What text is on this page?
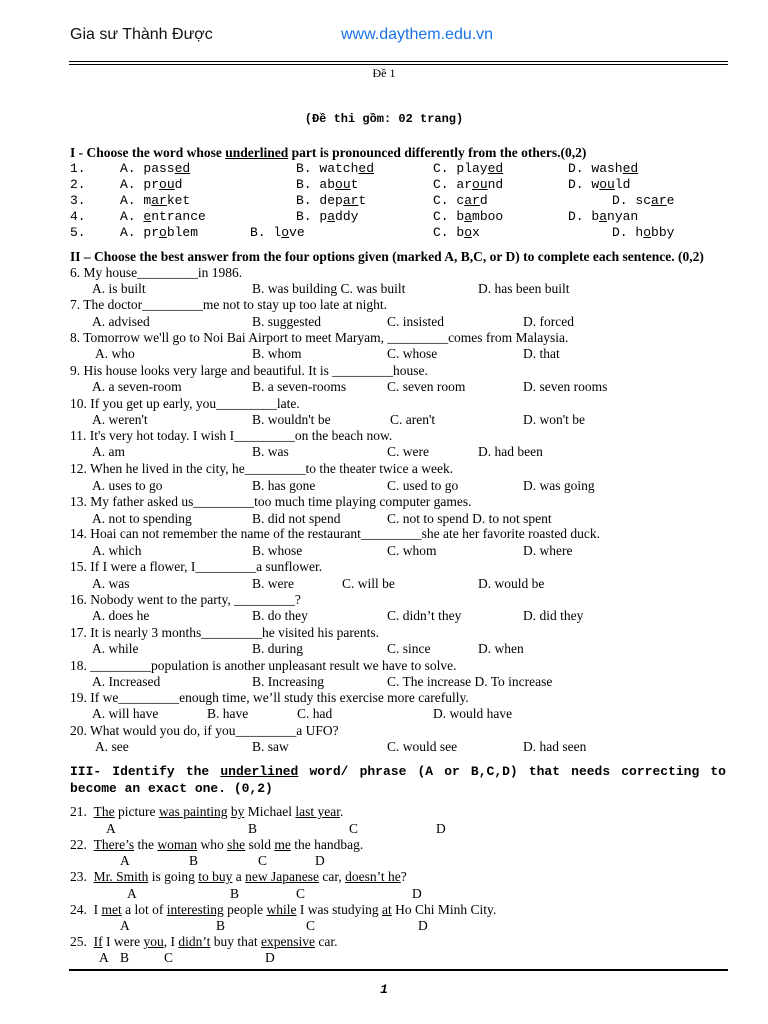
Gia sư Thành Được	www.daythem.edu.vn
Đề 1
(Đề thi gồm: 02 trang)
I - Choose the word whose underlined part is pronounced differently from the others.(0,2)
1.	A. passed	B. watched	C. played	D. washed
2.	A. proud	B. about	C. around	D. would
3.	A. market	B. depart	C. card	D. scare
4.	A. entrance	B. paddy	C. bamboo	D. banyan
5.	A. problem	B. love	C. box	D. hobby
II – Choose the best answer from the four options given (marked A, B,C, or D) to complete each sentence. (0,2)
6. My house_________in 1986.
A. is built	B. was building C. was built	D. has been built
7. The doctor_________me not to stay up too late at night.
A. advised	B. suggested	C. insisted	D. forced
8. Tomorrow we'll go to Noi Bai Airport to meet Maryam, _________comes from Malaysia.
A. who	B. whom	C. whose	D. that
9. His house looks very large and beautiful. It is _________house.
A. a seven-room	B. a seven-rooms	C. seven room	D. seven rooms
10. If you get up early, you_________late.
A. weren't	B. wouldn't be	C. aren't	D. won't be
11. It's very hot today. I wish I_________on the beach now.
A. am	B. was	C. were	D. had been
12. When he lived in the city, he_________to the theater twice a week.
A. uses to go	B. has gone	C. used to go	D. was going
13. My father asked us_________too much time playing computer games.
A. not to spending	B. did not spend	C. not to spend D. to not spent
14. Hoai can not remember the name of the restaurant_________she ate her favorite roasted duck.
A. which	B. whose	C. whom	D. where
15. If I were a flower, I_________a sunflower.
A. was	B. were	C. will be	D. would be
16. Nobody went to the party, _________?
A. does he	B. do they	C. didn’t they	D. did they
17. It is nearly 3 months_________he visited his parents.
A. while	B. during	C. since	D. when
18. _________population is another unpleasant result we have to solve.
A. Increased	B. Increasing	C. The increase D. To increase
19. If we_________enough time, we’ll study this exercise more carefully.
A. will have	B. have	C. had	D. would have
20. What would you do, if you_________a UFO?
A. see	B. saw	C. would see	D. had seen
III- Identify the underlined word/ phrase (A or B,C,D) that needs correcting to become an exact one. (0,2)
21. The picture was painting by Michael last year.
A	B	C	D
22. There’s the woman who she sold me the handbag.
A	B	C	D
23. Mr. Smith is going to buy a new Japanese car, doesn’t he?
A	B	C	D
24. I met a lot of interesting people while I was studying at Ho Chi Minh City.
A	B	C	D
25. If I were you, I didn’t buy that expensive car.
A B	C	D
1
